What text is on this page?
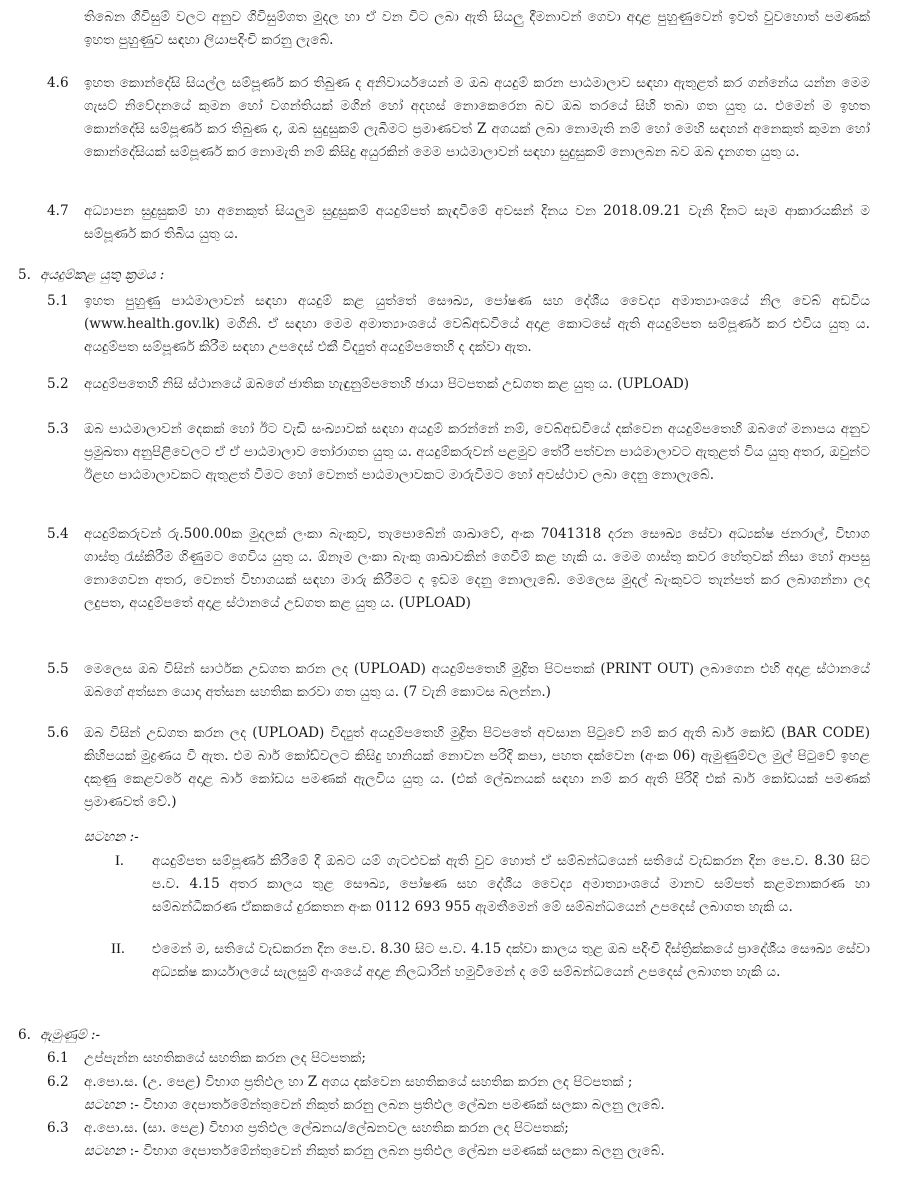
තිබෙන ගිවිසුම් වලට අනුව ගිවිසුම්ගත මුදල හා ඒ වන විට ලබා ඇති සියලු දීමනාවන් ගෙවා අදාළ පුහුණුවෙන් ඉවත් වුවහොත් පමණක් ඉහත පුහුණුව සඳහා ලියාපදිංචි කරනු ලැබේ.
4.6 ඉහත කොන්දේසි සියල්ල සම්පූර්ණ කර තිබුණ ද අනිවාර්යයෙන් ම ඔබ අයදුම් කරන පාඨමාලාව සඳහා ඇතුළත් කර ගන්නේය යන්න මෙම ගැසට් නිවේදනයේ කුමන හෝ වගන්තියක් මගින් හෝ අදහස් නොකෙරෙන බව ඔබ තරයේ සිහි තබා ගත යුතු ය. එමෙන් ම ඉහත කොන්දේසි සම්පූර්ණ කර තිබුණ ද, ඔබ සුදුසුකම් ලැබීමට ප්‍රමාණවත් Z අගයක් ලබා නොමැති නම් හෝ මෙහි සඳහන් අනෙකුත් කුමන හෝ කොන්දේසියක් සම්පූර්ණ කර නොමැති නම් කිසිදු අයුරකින් මෙම පාඨමාලාවන් සඳහා සුදුසුකම් නොලබන බව ඔබ දැනගත යුතු ය.
4.7 අධ්‍යාපන සුදුසුකම් හා අනෙකුත් සියලුම සුදුසුකම් අයදුම්පත් කැඳවීමේ අවසන් දිනය වන 2018.09.21 වැනි දිනට සෑම ආකාරයකින් ම සම්පූර්ණ කර තිබිය යුතු ය.
5. අයදුම්කළ යුතු ක්‍රමය :
5.1 ඉහත පුහුණු පාඨමාලාවන් සඳහා අයදුම් කළ යුත්තේ සෞඛ්‍ය, පෝෂණ සහ දේශීය වෛද්‍ය අමාත්‍යාංශයේ නිල වෙබ් අඩවිය (www.health.gov.lk) මගිනි. ඒ සඳහා මෙම අමාත්‍යාංශයේ වෙබ්අඩවියේ අදාළ කොටසේ ඇති අයදුම්පත සම්පූර්ණ කර එවිය යුතු ය. අයදුම්පත සම්පූර්ණ කිරීම සඳහා උපදෙස් එකී විද්‍යුත් අයදුම්පතෙහි ද දක්වා ඇත.
5.2 අයදුම්පතෙහි නිසි ස්ථානයේ ඔබගේ ජාතික හැඳුනුම්පතෙහි ඡායා පිටපතක් උඩගත කළ යුතු ය. (UPLOAD)
5.3 ඔබ පාඨමාලාවන් දෙකක් හෝ ඊට වැඩි සංඛ්‍යාවක් සඳහා අයදුම් කරන්නේ නම්, වෙබ්අඩවියේ දක්වෙන අයදුම්පතෙහි ඔබගේ මනාපය අනුව ප්‍රමුඛතා අනුපිළිවෙලට ඒ ඒ පාඨමාලාව තෝරාගත යුතු ය. අයදුම්කරුවන් පළමුව තේරී පත්වන පාඨමාලාවට ඇතුළත් විය යුතු අතර, ඔවුන්ට ඊළඟ පාඨමාලාවකට ඇතුළත් වීමට හෝ වෙනත් පාඨමාලාවකට මාරුවීමට හෝ අවස්ථාව ලබා දෙනු නොලැබේ.
5.4 අයදුම්කරුවන් රු.500.00ක මුදලක් ලංකා බැංකුව, තැපොබේන් ශාඛාවේ, අංක 7041318 දරන සෞඛ්‍ය සේවා අධ්‍යක්ෂ ජනරාල්, විභාග ගාස්තු රැස්කිරීම ගිණුමට ගෙවිය යුතු ය. ඕනෑම ලංකා බැංකු ශාඛාවකින් ගෙවීම් කළ හැකි ය. මෙම ගාස්තු කවර හේතුවක් නිසා හෝ ආපසු නොගෙවන අතර, වෙනත් විභාගයක් සඳහා මාරු කිරීමට ද ඉඩම දෙනු නොලැබේ. මෙලෙස මුදල් බැංකුවට තැන්පත් කර ලබාගන්නා ලද ලදුපත, අයදුම්පතේ අදාළ ස්ථානයේ උඩගත කළ යුතු ය. (UPLOAD)
5.5 මෙලෙස ඔබ විසින් සාර්ථක උඩගත කරන ලද (UPLOAD) අයදුම්පතෙහි මුද්‍රිත පිටපතක් (PRINT OUT) ලබාගෙන එහි අදාළ ස්ථානයේ ඔබගේ අත්සන යොදා අත්සන සහතික කරවා ගත යුතු ය. (7 වැනි කොටස බලන්න.)
5.6 ඔබ විසින් උඩගත කරන ලද (UPLOAD) විද්‍යුත් අයදුම්පතෙහි මුද්‍රිත පිටපතේ අවසාන පිටුවේ නම් කර ඇති බාර් කෝඩ් (BAR CODE) කිහිපයක් මුද්‍රණය වී ඇත. එම බාර් කෝඩ්වලට කිසිදු හානියක් නොවන පරිදි කපා, පහත දක්වෙන (අංක 06) ඇමුණුම්වල මුල් පිටුවේ ඉහළ දකුණු කෙළවරේ අදාළ බාර් කෝඩය පමණක් ඇලවිය යුතු ය. (එක් ලේඛනයක් සඳහා නම් කර ඇති පිරිදි එක් බාර් කෝඩයක් පමණක් ප්‍රමාණවත් වේ.)
සටහන :-
I. අයදුම්පත සම්පූර්ණ කිරීමේ දී ඔබට යම් ගැටළුවක් ඇති වුව හොත් ඒ සම්බන්ධයෙන් සතියේ වැඩකරන දින පෙ.ව. 8.30 සිට ප.ව. 4.15 අතර කාලය තුළ සෞඛ්‍ය, පෝෂණ සහ දේශීය වෛද්‍ය අමාත්‍යාංශයේ මානව සම්පත් කළමනාකරණ හා සම්බන්ධීකරණ ඒකකයේ දුරකතන අංක 0112 693 955 ඇමතීමෙන් මේ සම්බන්ධයෙන් උපදෙස් ලබාගත හැකි ය.
II. එමෙන් ම, සතියේ වැඩකරන දින පෙ.ව. 8.30 සිට ප.ව. 4.15 දක්වා කාලය තුළ ඔබ පදිංචි දිස්ත්‍රික්කයේ ප්‍රාදේශීය සෞඛ්‍ය සේවා අධ්‍යක්ෂ කාර්යාලයේ සැලසුම් අංශයේ අදාළ නිලධාරින් හමුවීමෙන් ද මේ සම්බන්ධයෙන් උපදෙස් ලබාගත හැකි ය.
6. ඇමුණුම් :-
6.1 උප්පැන්න සහතිකයේ සහතික කරන ලද පිටපතක්;
6.2 අ.පො.ස. (උ. පෙළ) විභාග ප්‍රතිඵල හා Z අගය දක්වෙන සහතිකයේ සහතික කරන ලද පිටපතක් ;
සටහන :- විභාග දෙපාර්තමේන්තුවෙන් නිකුත් කරනු ලබන ප්‍රතිඵල ලේඛන පමණක් සලකා බලනු ලැබේ.
6.3 අ.පො.ස. (සා. පෙළ) විභාග ප්‍රතිඵල ලේඛනය/ලේඛනවල සහතික කරන ලද පිටපතක්;
සටහන :- විභාග දෙපාර්තමේන්තුවෙන් නිකුත් කරනු ලබන ප්‍රතිඵල ලේඛන පමණක් සලකා බලනු ලැබේ.
